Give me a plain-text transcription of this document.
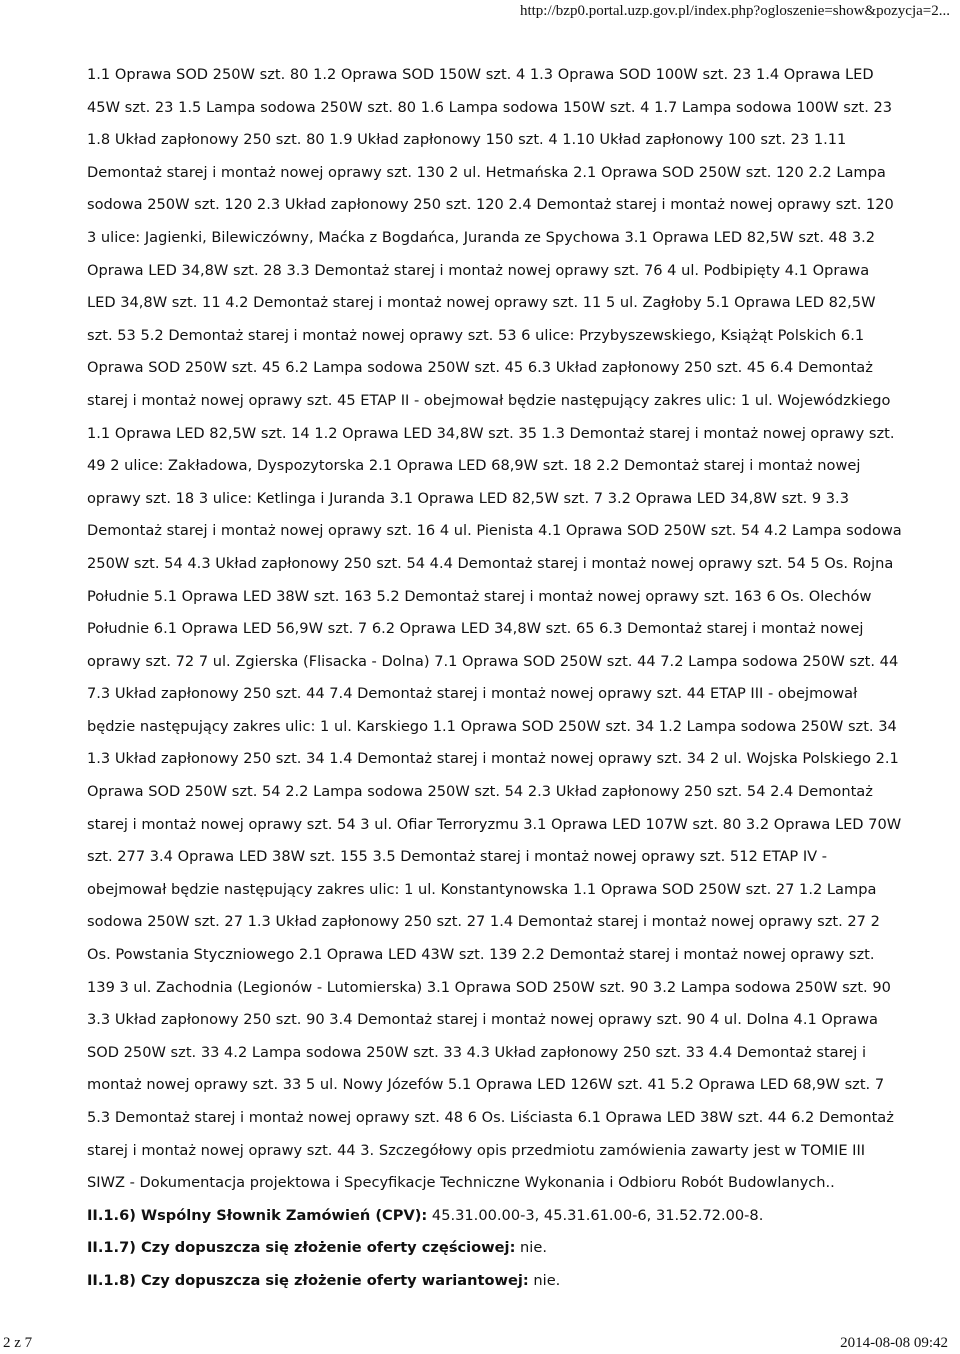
http://bzp0.portal.uzp.gov.pl/index.php?ogloszenie=show&pozycja=2...

1.1 Oprawa SOD 250W szt. 80 1.2 Oprawa SOD 150W szt. 4 1.3 Oprawa SOD 100W szt. 23 1.4 Oprawa LED 45W szt. 23 1.5 Lampa sodowa 250W szt. 80 1.6 Lampa sodowa 150W szt. 4 1.7 Lampa sodowa 100W szt. 23 1.8 Układ zapłonowy 250 szt. 80 1.9 Układ zapłonowy 150 szt. 4 1.10 Układ zapłonowy 100 szt. 23 1.11 Demontaż starej i montaż nowej oprawy szt. 130 2 ul. Hetmańska 2.1 Oprawa SOD 250W szt. 120 2.2 Lampa sodowa 250W szt. 120 2.3 Układ zapłonowy 250 szt. 120 2.4 Demontaż starej i montaż nowej oprawy szt. 120 3 ulice: Jagienki, Bilewiczówny, Maćka z Bogdańca, Juranda ze Spychowa 3.1 Oprawa LED 82,5W szt. 48 3.2 Oprawa LED 34,8W szt. 28 3.3 Demontaż starej i montaż nowej oprawy szt. 76 4 ul. Podbipięty 4.1 Oprawa LED 34,8W szt. 11 4.2 Demontaż starej i montaż nowej oprawy szt. 11 5 ul. Zagłoby 5.1 Oprawa LED 82,5W szt. 53 5.2 Demontaż starej i montaż nowej oprawy szt. 53 6 ulice: Przybyszewskiego, Książąt Polskich 6.1 Oprawa SOD 250W szt. 45 6.2 Lampa sodowa 250W szt. 45 6.3 Układ zapłonowy 250 szt. 45 6.4 Demontaż starej i montaż nowej oprawy szt. 45 ETAP II - obejmował będzie następujący zakres ulic: 1 ul. Wojewódzkiego 1.1 Oprawa LED 82,5W szt. 14 1.2 Oprawa LED 34,8W szt. 35 1.3 Demontaż starej i montaż nowej oprawy szt. 49 2 ulice: Zakładowa, Dyspozytorska 2.1 Oprawa LED 68,9W szt. 18 2.2 Demontaż starej i montaż nowej oprawy szt. 18 3 ulice: Ketlinga i Juranda 3.1 Oprawa LED 82,5W szt. 7 3.2 Oprawa LED 34,8W szt. 9 3.3 Demontaż starej i montaż nowej oprawy szt. 16 4 ul. Pienista 4.1 Oprawa SOD 250W szt. 54 4.2 Lampa sodowa 250W szt. 54 4.3 Układ zapłonowy 250 szt. 54 4.4 Demontaż starej i montaż nowej oprawy szt. 54 5 Os. Rojna Południe 5.1 Oprawa LED 38W szt. 163 5.2 Demontaż starej i montaż nowej oprawy szt. 163 6 Os. Olechów Południe 6.1 Oprawa LED 56,9W szt. 7 6.2 Oprawa LED 34,8W szt. 65 6.3 Demontaż starej i montaż nowej oprawy szt. 72 7 ul. Zgierska (Flisacka - Dolna) 7.1 Oprawa SOD 250W szt. 44 7.2 Lampa sodowa 250W szt. 44 7.3 Układ zapłonowy 250 szt. 44 7.4 Demontaż starej i montaż nowej oprawy szt. 44 ETAP III - obejmował będzie następujący zakres ulic: 1 ul. Karskiego 1.1 Oprawa SOD 250W szt. 34 1.2 Lampa sodowa 250W szt. 34 1.3 Układ zapłonowy 250 szt. 34 1.4 Demontaż starej i montaż nowej oprawy szt. 34 2 ul. Wojska Polskiego 2.1 Oprawa SOD 250W szt. 54 2.2 Lampa sodowa 250W szt. 54 2.3 Układ zapłonowy 250 szt. 54 2.4 Demontaż starej i montaż nowej oprawy szt. 54 3 ul. Ofiar Terroryzmu 3.1 Oprawa LED 107W szt. 80 3.2 Oprawa LED 70W szt. 277 3.4 Oprawa LED 38W szt. 155 3.5 Demontaż starej i montaż nowej oprawy szt. 512 ETAP IV - obejmował będzie następujący zakres ulic: 1 ul. Konstantynowska 1.1 Oprawa SOD 250W szt. 27 1.2 Lampa sodowa 250W szt. 27 1.3 Układ zapłonowy 250 szt. 27 1.4 Demontaż starej i montaż nowej oprawy szt. 27 2 Os. Powstania Styczniowego 2.1 Oprawa LED 43W szt. 139 2.2 Demontaż starej i montaż nowej oprawy szt. 139 3 ul. Zachodnia (Legionów - Lutomierska) 3.1 Oprawa SOD 250W szt. 90 3.2 Lampa sodowa 250W szt. 90 3.3 Układ zapłonowy 250 szt. 90 3.4 Demontaż starej i montaż nowej oprawy szt. 90 4 ul. Dolna 4.1 Oprawa SOD 250W szt. 33 4.2 Lampa sodowa 250W szt. 33 4.3 Układ zapłonowy 250 szt. 33 4.4 Demontaż starej i montaż nowej oprawy szt. 33 5 ul. Nowy Józefów 5.1 Oprawa LED 126W szt. 41 5.2 Oprawa LED 68,9W szt. 7 5.3 Demontaż starej i montaż nowej oprawy szt. 48 6 Os. Liściasta 6.1 Oprawa LED 38W szt. 44 6.2 Demontaż starej i montaż nowej oprawy szt. 44 3. Szczegółowy opis przedmiotu zamówienia zawarty jest w TOMIE III SIWZ - Dokumentacja projektowa i Specyfikacje Techniczne Wykonania i Odbioru Robót Budowlanych..

II.1.6) Wspólny Słownik Zamówień (CPV): 45.31.00.00-3, 45.31.61.00-6, 31.52.72.00-8.

II.1.7) Czy dopuszcza się złożenie oferty częściowej: nie.

II.1.8) Czy dopuszcza się złożenie oferty wariantowej: nie.

2 z 7	2014-08-08 09:42
